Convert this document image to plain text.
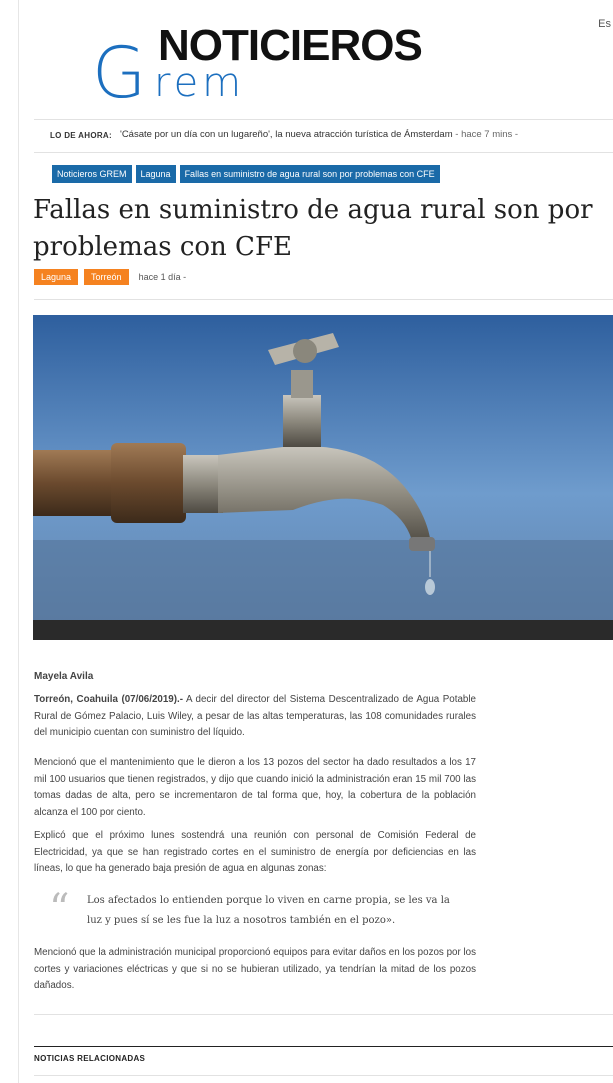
NOTICIEROS
G rem
Es
LO DE AHORA: 'Cásate por un día con un lugareño', la nueva atracción turística de Ámsterdam - hace 7 mins -
Noticieros GREM	Laguna	Fallas en suministro de agua rural son por problemas con CFE
Fallas en suministro de agua rural son por problemas con CFE
Laguna	Torreón	hace 1 día -
Mayela Avila

Torreón, Coahuila (07/06/2019).- A decir del director del Sistema Descentralizado de Agua Potable Rural de Gómez Palacio, Luis Wiley, a pesar de las altas temperaturas, las 108 comunidades rurales del municipio cuentan con suministro del líquido.

Mencionó que el mantenimiento que le dieron a los 13 pozos del sector ha dado resultados a los 17 mil 100 usuarios que tienen registrados, y dijo que cuando inició la administración eran 15 mil 700 las tomas dadas de alta, pero se incrementaron de tal forma que, hoy, la cobertura de la población alcanza el 100 por ciento.

Explicó que el próximo lunes sostendrá una reunión con personal de Comisión Federal de Electricidad, ya que se han registrado cortes en el suministro de energía por deficiencias en las líneas, lo que ha generado baja presión de agua en algunas zonas:

“ Los afectados lo entienden porque lo viven en carne propia, se les va la luz y pues sí se les fue la luz a nosotros también en el pozo».

Mencionó que la administración municipal proporcionó equipos para evitar daños en los pozos por los cortes y variaciones eléctricas y que si no se hubieran utilizado, ya tendrían la mitad de los pozos dañados.

NOTICIAS RELACIONADAS
